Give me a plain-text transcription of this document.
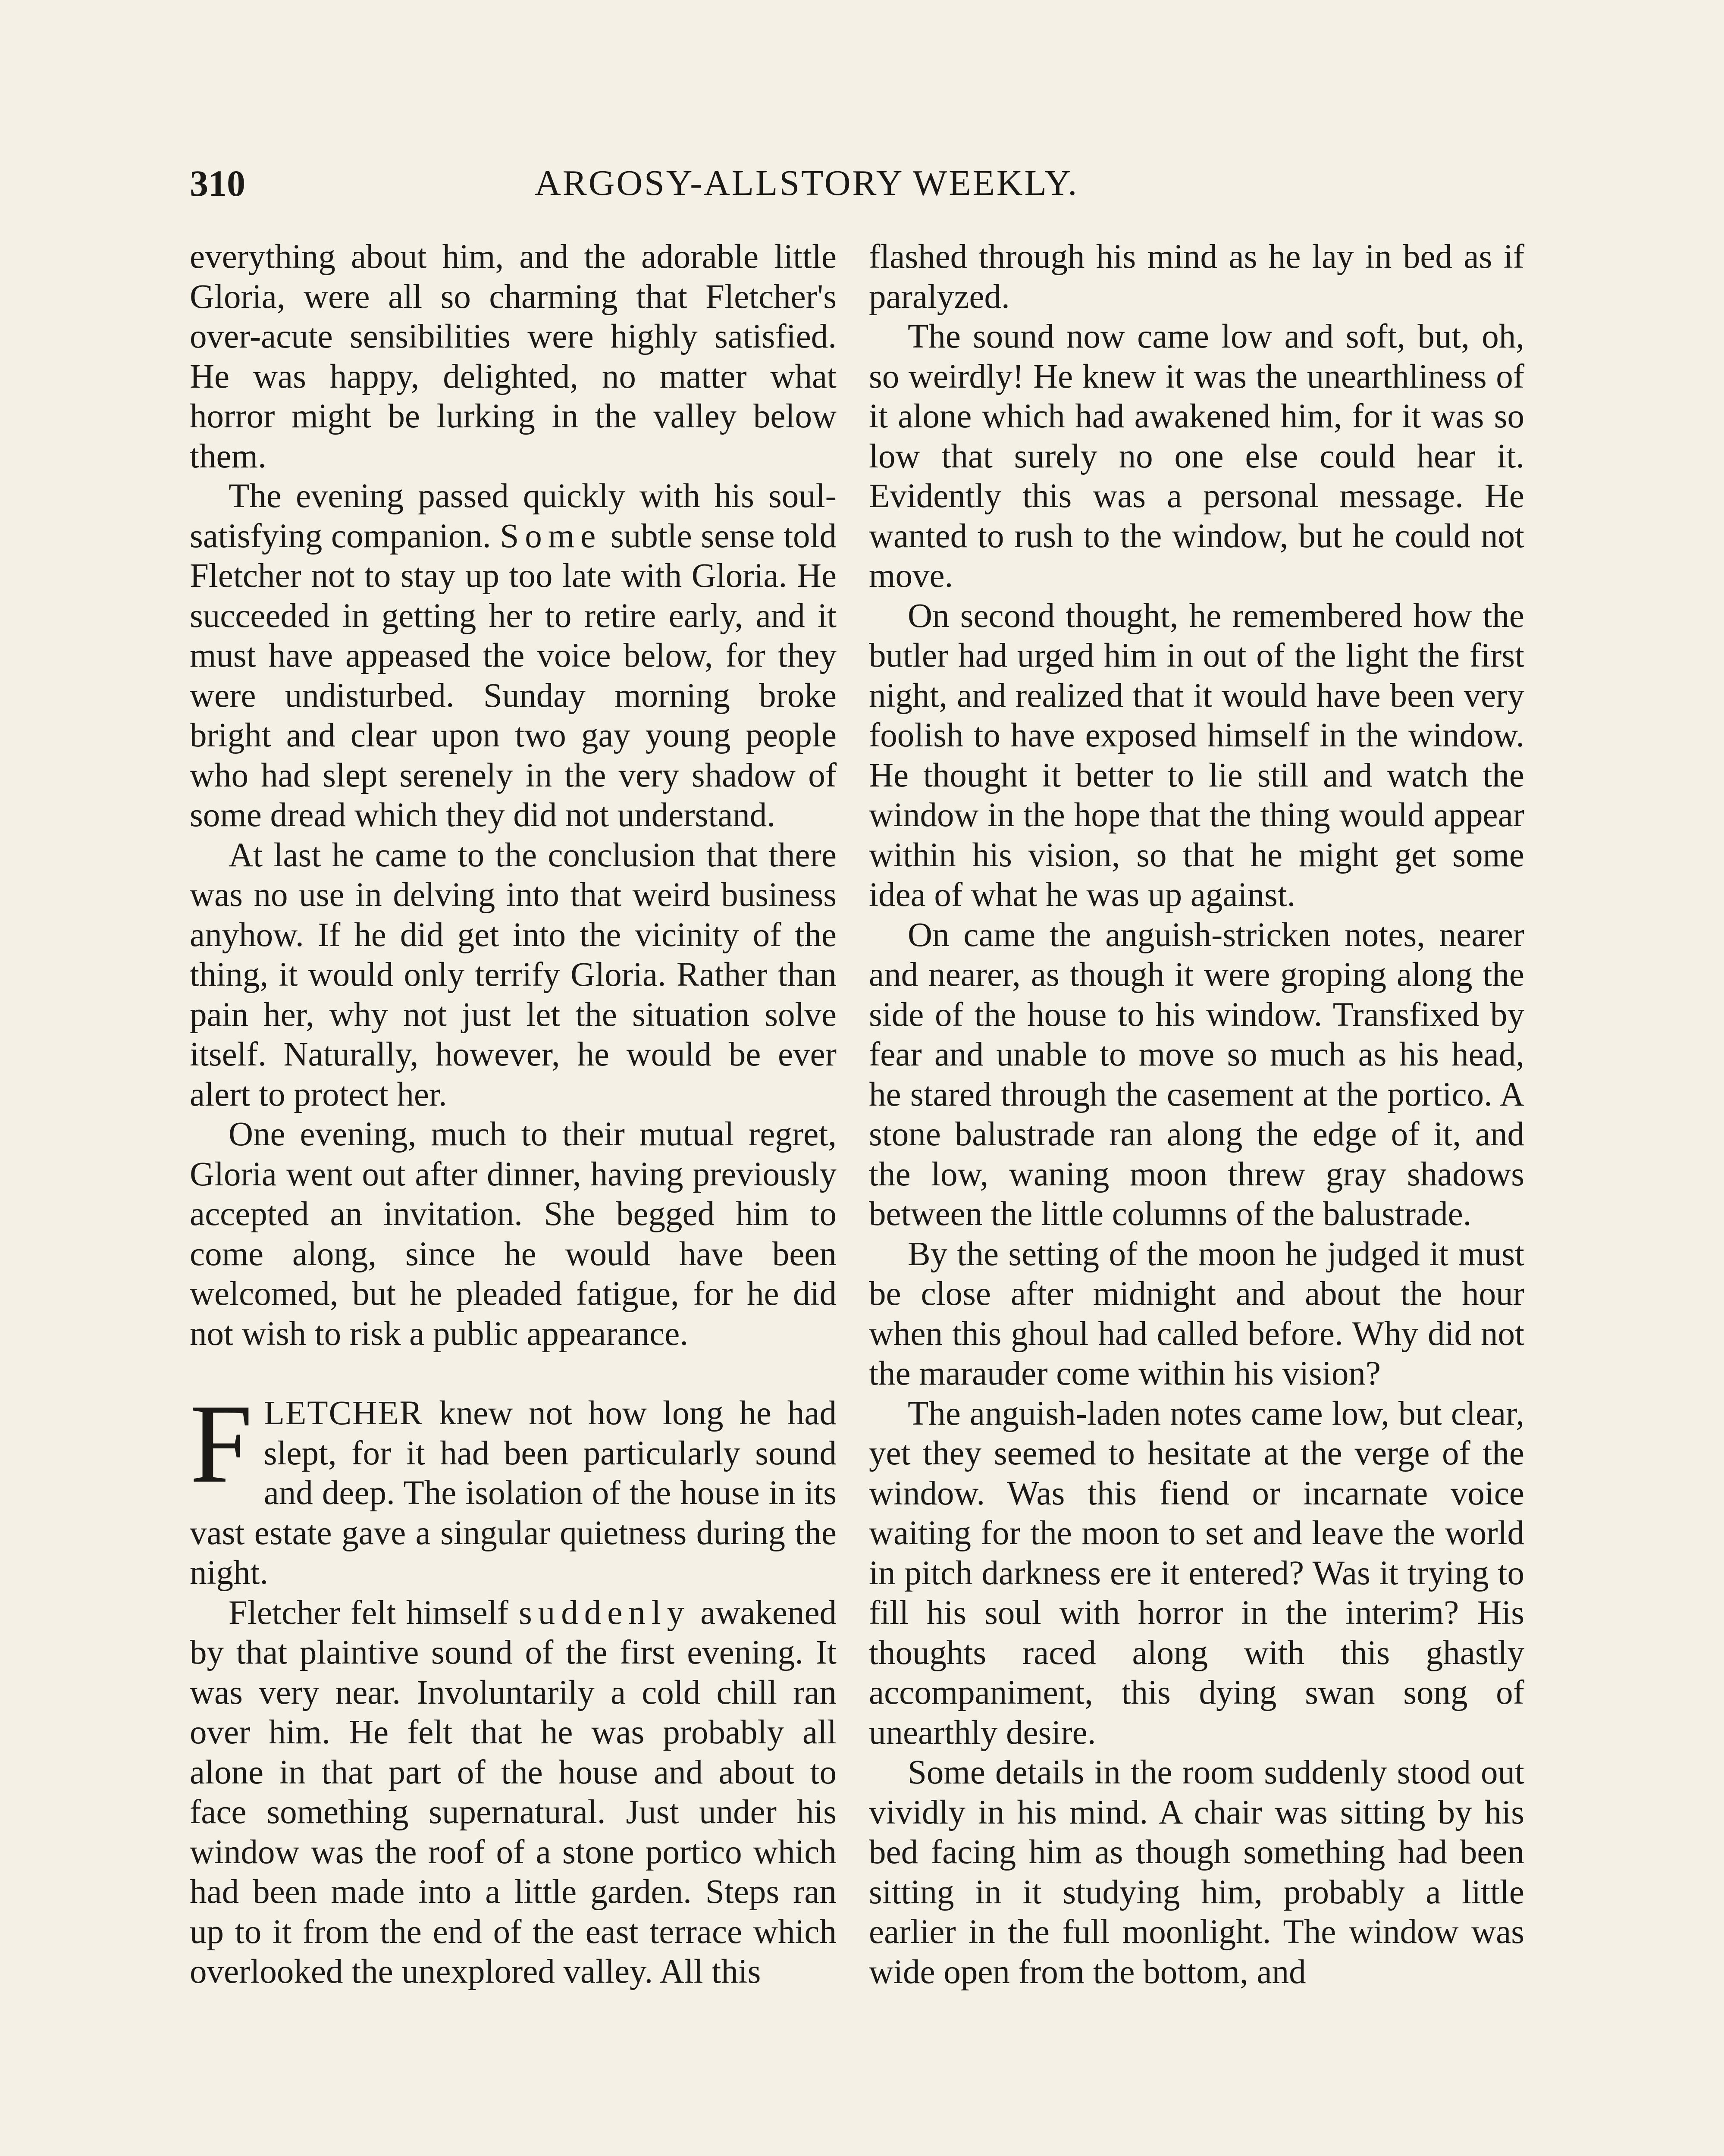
310	ARGOSY-ALLSTORY WEEKLY.

everything about him, and the adorable little Gloria, were all so charming that Fletcher's over-acute sensibilities were highly satisfied. He was happy, delighted, no matter what horror might be lurking in the valley below them.

The evening passed quickly with his soul-satisfying companion. Some subtle sense told Fletcher not to stay up too late with Gloria. He succeeded in getting her to retire early, and it must have appeased the voice below, for they were undisturbed. Sunday morning broke bright and clear upon two gay young people who had slept serenely in the very shadow of some dread which they did not understand.

At last he came to the conclusion that there was no use in delving into that weird business anyhow. If he did get into the vicinity of the thing, it would only terrify Gloria. Rather than pain her, why not just let the situation solve itself. Naturally, however, he would be ever alert to protect her.

One evening, much to their mutual regret, Gloria went out after dinner, having previously accepted an invitation. She begged him to come along, since he would have been welcomed, but he pleaded fatigue, for he did not wish to risk a public appearance.

FLETCHER knew not how long he had slept, for it had been particularly sound and deep. The isolation of the house in its vast estate gave a singular quietness during the night.

Fletcher felt himself suddenly awakened by that plaintive sound of the first evening. It was very near. Involuntarily a cold chill ran over him. He felt that he was probably all alone in that part of the house and about to face something supernatural. Just under his window was the roof of a stone portico which had been made into a little garden. Steps ran up to it from the end of the east terrace which overlooked the unexplored valley. All this

flashed through his mind as he lay in bed as if paralyzed.

The sound now came low and soft, but, oh, so weirdly! He knew it was the unearthliness of it alone which had awakened him, for it was so low that surely no one else could hear it. Evidently this was a personal message. He wanted to rush to the window, but he could not move.

On second thought, he remembered how the butler had urged him in out of the light the first night, and realized that it would have been very foolish to have exposed himself in the window. He thought it better to lie still and watch the window in the hope that the thing would appear within his vision, so that he might get some idea of what he was up against.

On came the anguish-stricken notes, nearer and nearer, as though it were groping along the side of the house to his window. Transfixed by fear and unable to move so much as his head, he stared through the casement at the portico. A stone balustrade ran along the edge of it, and the low, waning moon threw gray shadows between the little columns of the balustrade.

By the setting of the moon he judged it must be close after midnight and about the hour when this ghoul had called before. Why did not the marauder come within his vision?

The anguish-laden notes came low, but clear, yet they seemed to hesitate at the verge of the window. Was this fiend or incarnate voice waiting for the moon to set and leave the world in pitch darkness ere it entered? Was it trying to fill his soul with horror in the interim? His thoughts raced along with this ghastly accompaniment, this dying swan song of unearthly desire.

Some details in the room suddenly stood out vividly in his mind. A chair was sitting by his bed facing him as though something had been sitting in it studying him, probably a little earlier in the full moonlight. The window was wide open from the bottom, and
